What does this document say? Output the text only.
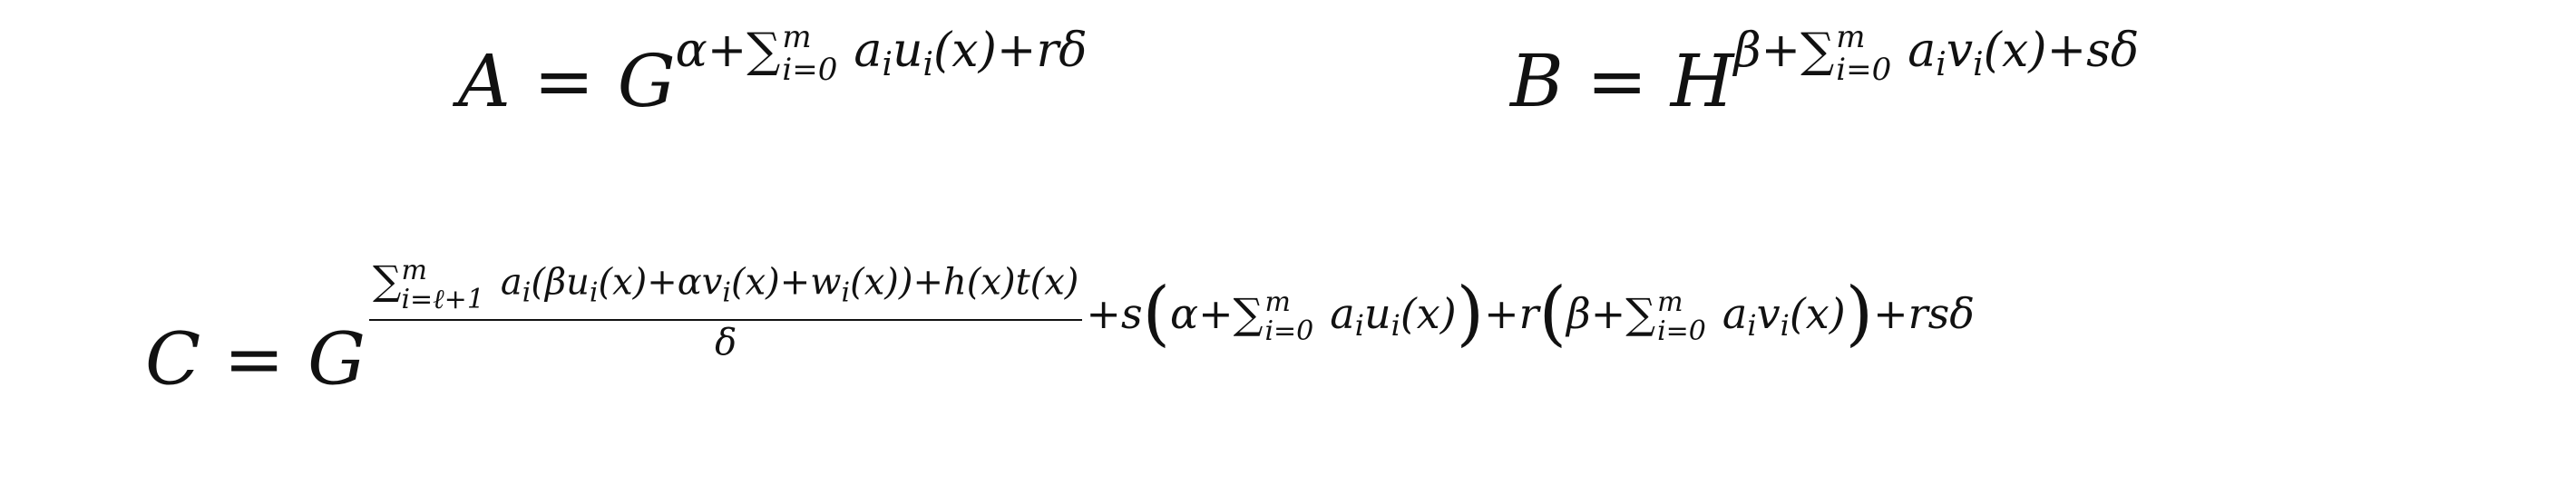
A = Gα+∑ m
i=0 $a_iu_i(x)+r\delta$	B = Hβ+∑ m
i=0 $a_iv_i(x)+s\delta$
C = G ∑ m
i=ℓ+1 $a_i(\beta u_i(x)+\alpha v_i(x)+w_i(x))+h(x)t(x)$
δ +s(α+∑ m
i=0 $a_iu_i(x))+r(\beta+\sum$ m
i=0 $a_iv_i(x))+rs\delta$
